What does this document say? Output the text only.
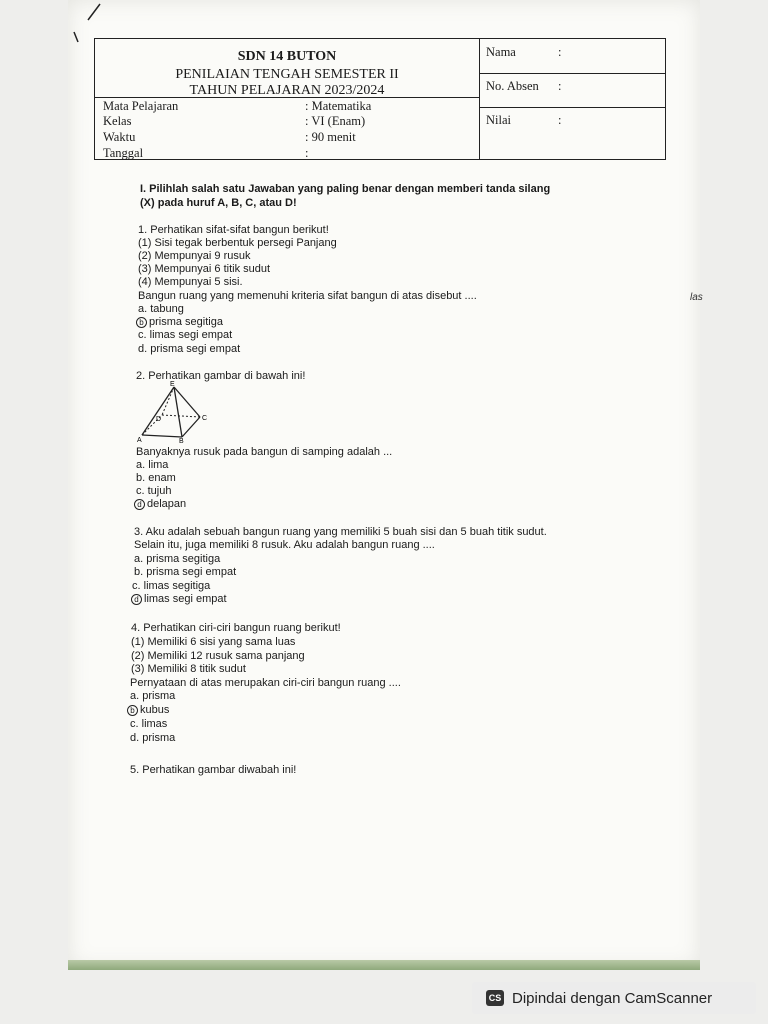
SDN 14 BUTON
PENILAIAN TENGAH SEMESTER II
TAHUN PELAJARAN 2023/2024
Mata Pelajaran	: Matematika
Kelas	: VI (Enam)
Waktu	: 90 menit
Tanggal	:
Nama	:
No. Absen :
Nilai	:
I. Pilihlah salah satu Jawaban yang paling benar dengan memberi tanda silang
(X) pada huruf A, B, C, atau D!
1. Perhatikan sifat-sifat bangun berikut!
(1) Sisi tegak berbentuk persegi Panjang
(2) Mempunyai 9 rusuk
(3) Mempunyai 6 titik sudut
(4) Mempunyai 5 sisi.
Bangun ruang yang memenuhi kriteria sifat bangun di atas disebut ....
a. tabung
b prisma segitiga
c. limas segi empat
d. prisma segi empat
2. Perhatikan gambar di bawah ini!
E
D	C
A	B
Banyaknya rusuk pada bangun di samping adalah ...
a. lima
b. enam
c. tujuh
d delapan
3. Aku adalah sebuah bangun ruang yang memiliki 5 buah sisi dan 5 buah titik sudut.
Selain itu, juga memiliki 8 rusuk. Aku adalah bangun ruang ....
a. prisma segitiga
b. prisma segi empat
c. limas segitiga
d limas segi empat
4. Perhatikan ciri-ciri bangun ruang berikut!
(1) Memiliki 6 sisi yang sama luas
(2) Memiliki 12 rusuk sama panjang
(3) Memiliki 8 titik sudut
Pernyataan di atas merupakan ciri-ciri bangun ruang ....
a. prisma
b kubus
c. limas
d. prisma
5. Perhatikan gambar diwabah ini!
las
CS Dipindai dengan CamScanner
